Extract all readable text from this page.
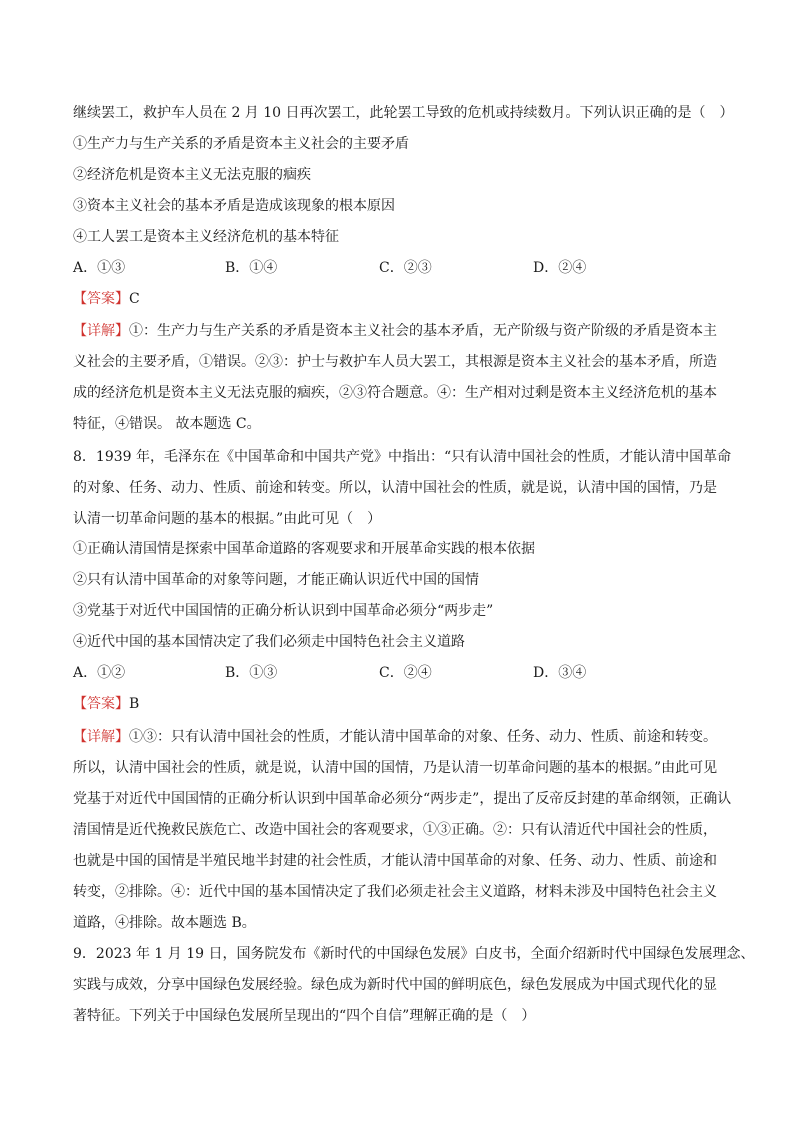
继续罢工，救护车人员在 2 月 10 日再次罢工，此轮罢工导致的危机或持续数月。下列认识正确的是（　）
①生产力与生产关系的矛盾是资本主义社会的主要矛盾
②经济危机是资本主义无法克服的痼疾
③资本主义社会的基本矛盾是造成该现象的根本原因
④工人罢工是资本主义经济危机的基本特征
A．①③	B．①④	C．②③	D．②④
【答案】C
【详解】①：生产力与生产关系的矛盾是资本主义社会的基本矛盾，无产阶级与资产阶级的矛盾是资本主
义社会的主要矛盾，①错误。②③：护士与救护车人员大罢工，其根源是资本主义社会的基本矛盾，所造
成的经济危机是资本主义无法克服的痼疾，②③符合题意。④：生产相对过剩是资本主义经济危机的基本
特征，④错误。 故本题选 C。
8．1939 年，毛泽东在《中国革命和中国共产党》中指出：“只有认清中国社会的性质，才能认清中国革命
的对象、任务、动力、性质、前途和转变。所以，认清中国社会的性质，就是说，认清中国的国情，乃是
认清一切革命问题的基本的根据。”由此可见（　）
①正确认清国情是探索中国革命道路的客观要求和开展革命实践的根本依据
②只有认清中国革命的对象等问题，才能正确认识近代中国的国情
③党基于对近代中国国情的正确分析认识到中国革命必须分“两步走”
④近代中国的基本国情决定了我们必须走中国特色社会主义道路
A．①②	B．①③	C．②④	D．③④
【答案】B
【详解】①③：只有认清中国社会的性质，才能认清中国革命的对象、任务、动力、性质、前途和转变。
所以，认清中国社会的性质，就是说，认清中国的国情，乃是认清一切革命问题的基本的根据。”由此可见
党基于对近代中国国情的正确分析认识到中国革命必须分“两步走”，提出了反帝反封建的革命纲领，正确认
清国情是近代挽救民族危亡、改造中国社会的客观要求，①③正确。②：只有认清近代中国社会的性质，
也就是中国的国情是半殖民地半封建的社会性质，才能认清中国革命的对象、任务、动力、性质、前途和
转变，②排除。④：近代中国的基本国情决定了我们必须走社会主义道路，材料未涉及中国特色社会主义
道路，④排除。故本题选 B。
9．2023 年 1 月 19 日，国务院发布《新时代的中国绿色发展》白皮书，全面介绍新时代中国绿色发展理念、
实践与成效，分享中国绿色发展经验。绿色成为新时代中国的鲜明底色，绿色发展成为中国式现代化的显
著特征。下列关于中国绿色发展所呈现出的“四个自信”理解正确的是（　）
